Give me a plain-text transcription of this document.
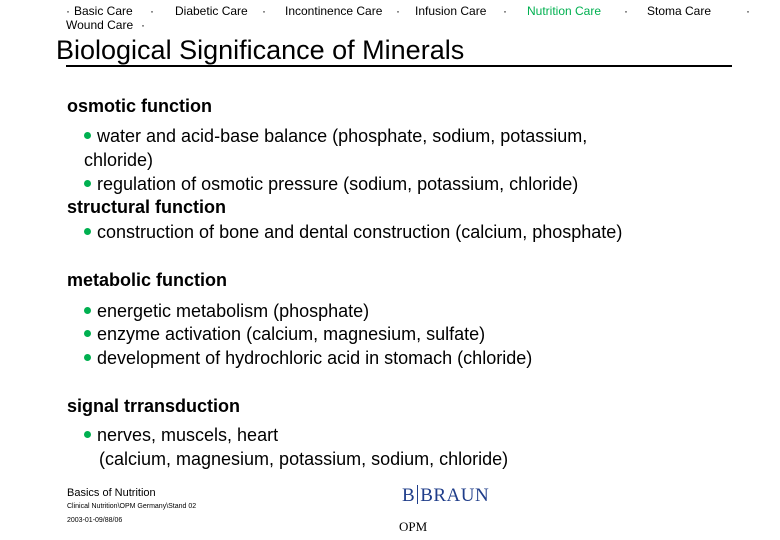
· Basic Care · Diabetic Care · Incontinence Care · Infusion Care · Nutrition Care · Stoma Care	·
Wound Care ·
Biological Significance of Minerals
osmotic function
water and acid-base balance (phosphate, sodium, potassium,
chloride)
regulation of osmotic pressure (sodium, potassium, chloride)
structural function
construction of bone and dental construction (calcium, phosphate)
metabolic function
energetic metabolism (phosphate)
enzyme activation (calcium, magnesium, sulfate)
development of hydrochloric acid in stomach (chloride)
signal trransduction
nerves, muscels, heart
(calcium, magnesium, potassium, sodium, chloride)
Basics of Nutrition
Clinical Nutrition\OPM Germany\Stand 02
2003-01-09/88/06
B BRAUN
OPM
